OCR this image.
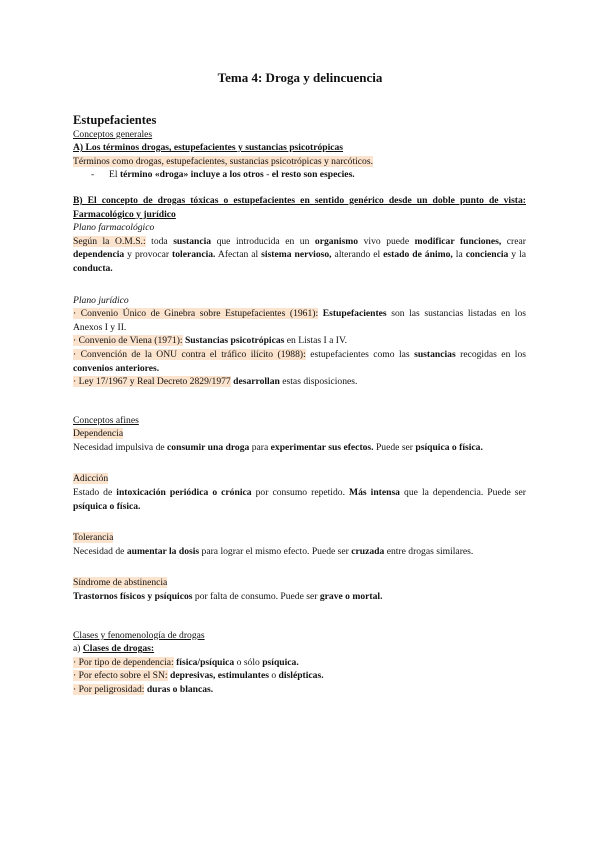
Tema 4: Droga y delincuencia

Estupefacientes

Conceptos generales

A) Los términos drogas, estupefacientes y sustancias psicotrópicas

Términos como drogas, estupefacientes, sustancias psicotrópicas y narcóticos.

- El término «droga» incluye a los otros - el resto son especies.

B) El concepto de drogas tóxicas o estupefacientes en sentido genérico desde un doble punto de vista: Farmacológico y jurídico

Plano farmacológico

Según la O.M.S.: toda sustancia que introducida en un organismo vivo puede modificar funciones, crear dependencia y provocar tolerancia. Afectan al sistema nervioso, alterando el estado de ánimo, la conciencia y la conducta.

Plano jurídico

· Convenio Único de Ginebra sobre Estupefacientes (1961): Estupefacientes son las sustancias listadas en los Anexos I y II.

· Convenio de Viena (1971): Sustancias psicotrópicas en Listas I a IV.

· Convención de la ONU contra el tráfico ilícito (1988): estupefacientes como las sustancias recogidas en los convenios anteriores.

· Ley 17/1967 y Real Decreto 2829/1977 desarrollan estas disposiciones.

Conceptos afines

Dependencia

Necesidad impulsiva de consumir una droga para experimentar sus efectos. Puede ser psíquica o física.

Adicción

Estado de intoxicación periódica o crónica por consumo repetido. Más intensa que la dependencia. Puede ser psíquica o física.

Tolerancia

Necesidad de aumentar la dosis para lograr el mismo efecto. Puede ser cruzada entre drogas similares.

Síndrome de abstinencia

Trastornos físicos y psíquicos por falta de consumo. Puede ser grave o mortal.

Clases y fenomenología de drogas

a) Clases de drogas:

· Por tipo de dependencia: física/psíquica o sólo psíquica.

· Por efecto sobre el SN: depresivas, estimulantes o dislépticas.

· Por peligrosidad: duras o blancas.
